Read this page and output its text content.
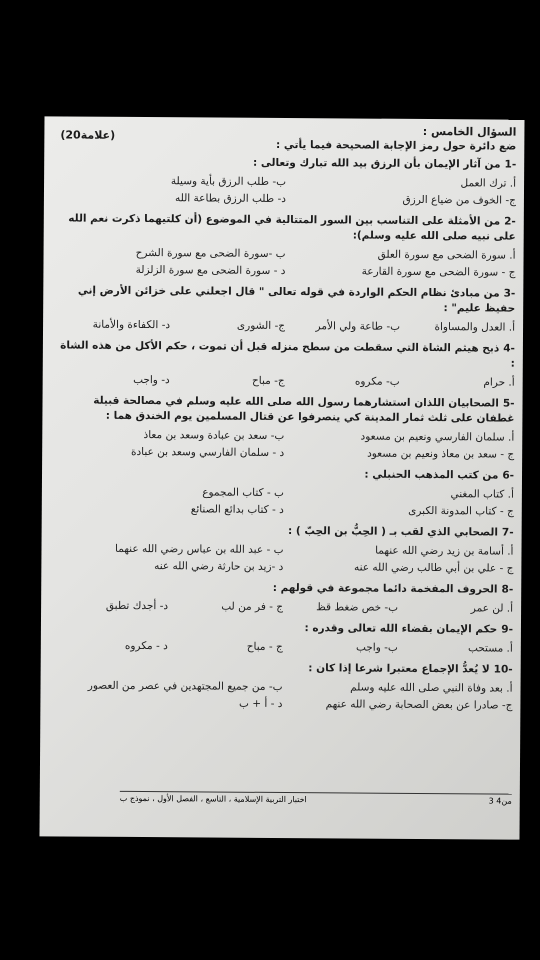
السؤال الخامس :
(20علامة)
ضع دائرة حول رمز الإجابة الصحيحة فيما يأتي :
-1من آثار الإيمان بأن الرزق بيد الله تبارك وتعالى :
أ. ترك العمل
ب- طلب الرزق بأية وسيلة
ج- الخوف من ضياع الرزق
د- طلب الرزق بطاعة الله
-2من الأمثلة على التناسب بين السور المتتالية في الموضوع (أن كلتيهما ذكرت نعم الله على نبيه صلى الله عليه وسلم):
أ. سورة الضحى مع سورة العلق
ب -سورة الضحى مع سورة الشرح
ج - سورة الضحى مع سورة القارعة
د - سورة الضحى مع سورة الزلزلة
-3من مبادئ نظام الحكم الواردة في قوله تعالى " قال اجعلني على خزائن الأرض إني حفيظ عليم" :
أ. العدل والمساواة
ب- طاعة ولي الأمر
ج- الشورى
د- الكفاءة والأمانة
-4ذبح هيثم الشاة التي سقطت من سطح منزله قبل أن تموت ، حكم الأكل من هذه الشاة :
أ. حرام
ب- مكروه
ج- مباح
د- واجب
-5الصحابيان اللذان استشارهما رسول الله صلى الله عليه وسلم في مصالحة قبيلة غطفان على ثلث ثمار المدينة كي ينصرفوا عن قتال المسلمين يوم الخندق هما :
أ. سلمان الفارسي ونعيم بن مسعود
ب- سعد بن عبادة وسعد بن معاذ
ج - سعد بن معاذ ونعيم بن مسعود
د - سلمان الفارسي وسعد بن عبادة
-6من كتب المذهب الحنبلي :
أ. كتاب المغني
ب - كتاب المجموع
ج - كتاب المدونة الكبرى
د - كتاب بدائع الصنائع
-7الصحابي الذي لقب بـ ( الحِبُّ بن الحِبّ ) :
أ. أسامة بن زيد رضي الله عنهما
ب - عبد الله بن عباس رضي الله عنهما
ج - علي بن أبي طالب رضي الله عنه
د -زيد بن حارثة رضي الله عنه
-8الحروف المفخمة دائما مجموعة في قولهم :
أ. لن عمر
ب- خص ضغط قظ
ج - فر من لب
د- أجدك تطبق
-9حكم الإيمان بقضاء الله تعالى وقدره :
أ. مستحب
ب- واجب
ج - مباح
د - مكروه
-10لا يُعدُّ الإجماع معتبرا شرعا إذا كان :
أ. بعد وفاة النبي صلى الله عليه وسلم
ب- من جميع المجتهدين في عصر من العصور
ج- صادرا عن بعض الصحابة رضي الله عنهم
د - أ + ب
اختبار التربية الإسلامية ، التاسع ، الفصل الأول ، نموذج ب	3 من4
